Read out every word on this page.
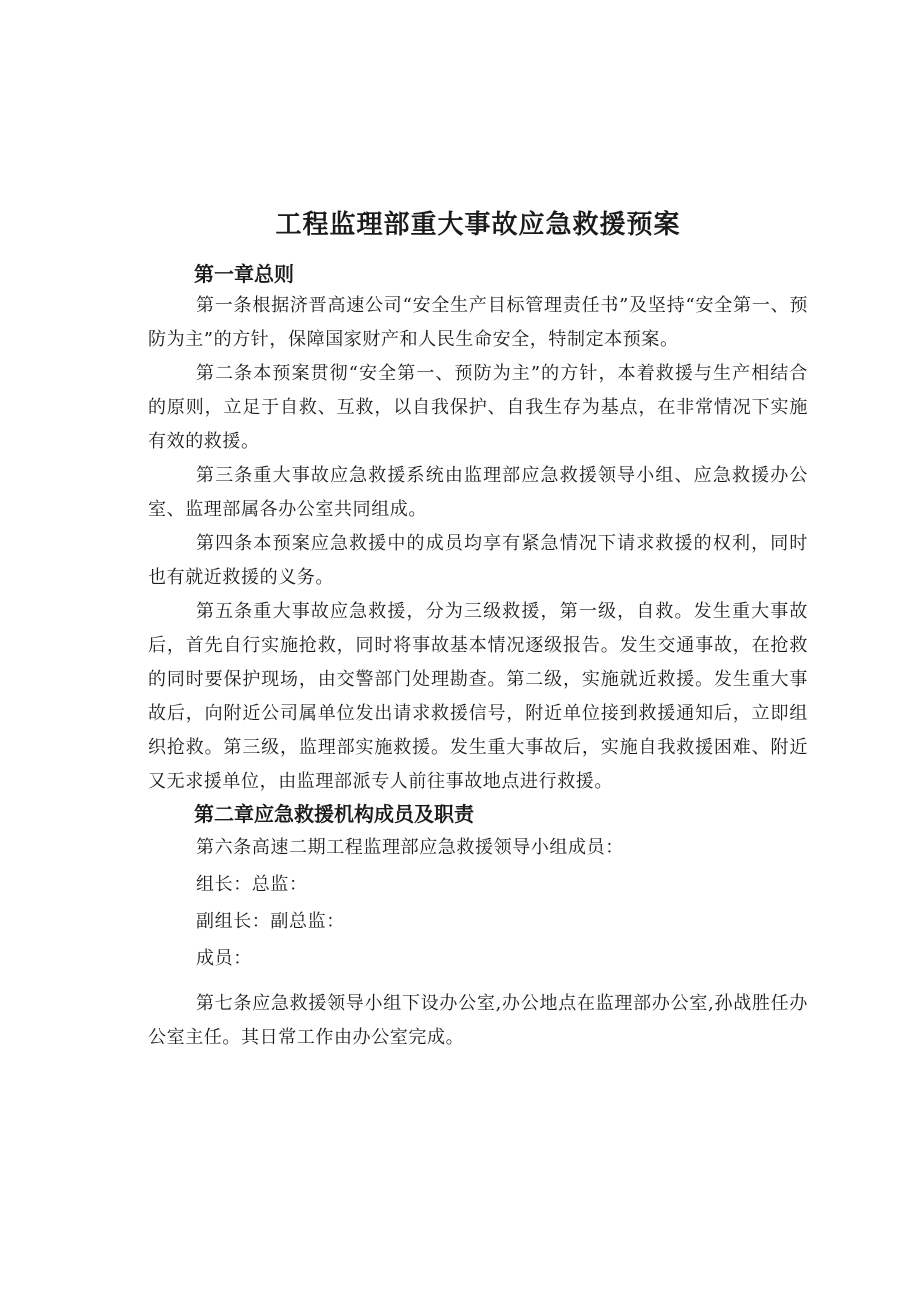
工程监理部重大事故应急救援预案
第一章总则

第一条根据济晋高速公司“安全生产目标管理责任书”及坚持“安全第一、预防为主”的方针，保障国家财产和人民生命安全，特制定本预案。

第二条本预案贯彻“安全第一、预防为主”的方针，本着救援与生产相结合的原则，立足于自救、互救，以自我保护、自我生存为基点，在非常情况下实施有效的救援。

第三条重大事故应急救援系统由监理部应急救援领导小组、应急救援办公室、监理部属各办公室共同组成。

第四条本预案应急救援中的成员均享有紧急情况下请求救援的权利，同时也有就近救援的义务。

第五条重大事故应急救援，分为三级救援，第一级，自救。发生重大事故后，首先自行实施抢救，同时将事故基本情况逐级报告。发生交通事故，在抢救的同时要保护现场，由交警部门处理勘查。第二级，实施就近救援。发生重大事故后，向附近公司属单位发出请求救援信号，附近单位接到救援通知后，立即组织抢救。第三级，监理部实施救援。发生重大事故后，实施自我救援困难、附近又无求援单位，由监理部派专人前往事故地点进行救援。

第二章应急救援机构成员及职责

第六条高速二期工程监理部应急救援领导小组成员：

组长：总监：

副组长：副总监：

成员：

第七条应急救援领导小组下设办公室,办公地点在监理部办公室,孙战胜任办公室主任。其日常工作由办公室完成。
